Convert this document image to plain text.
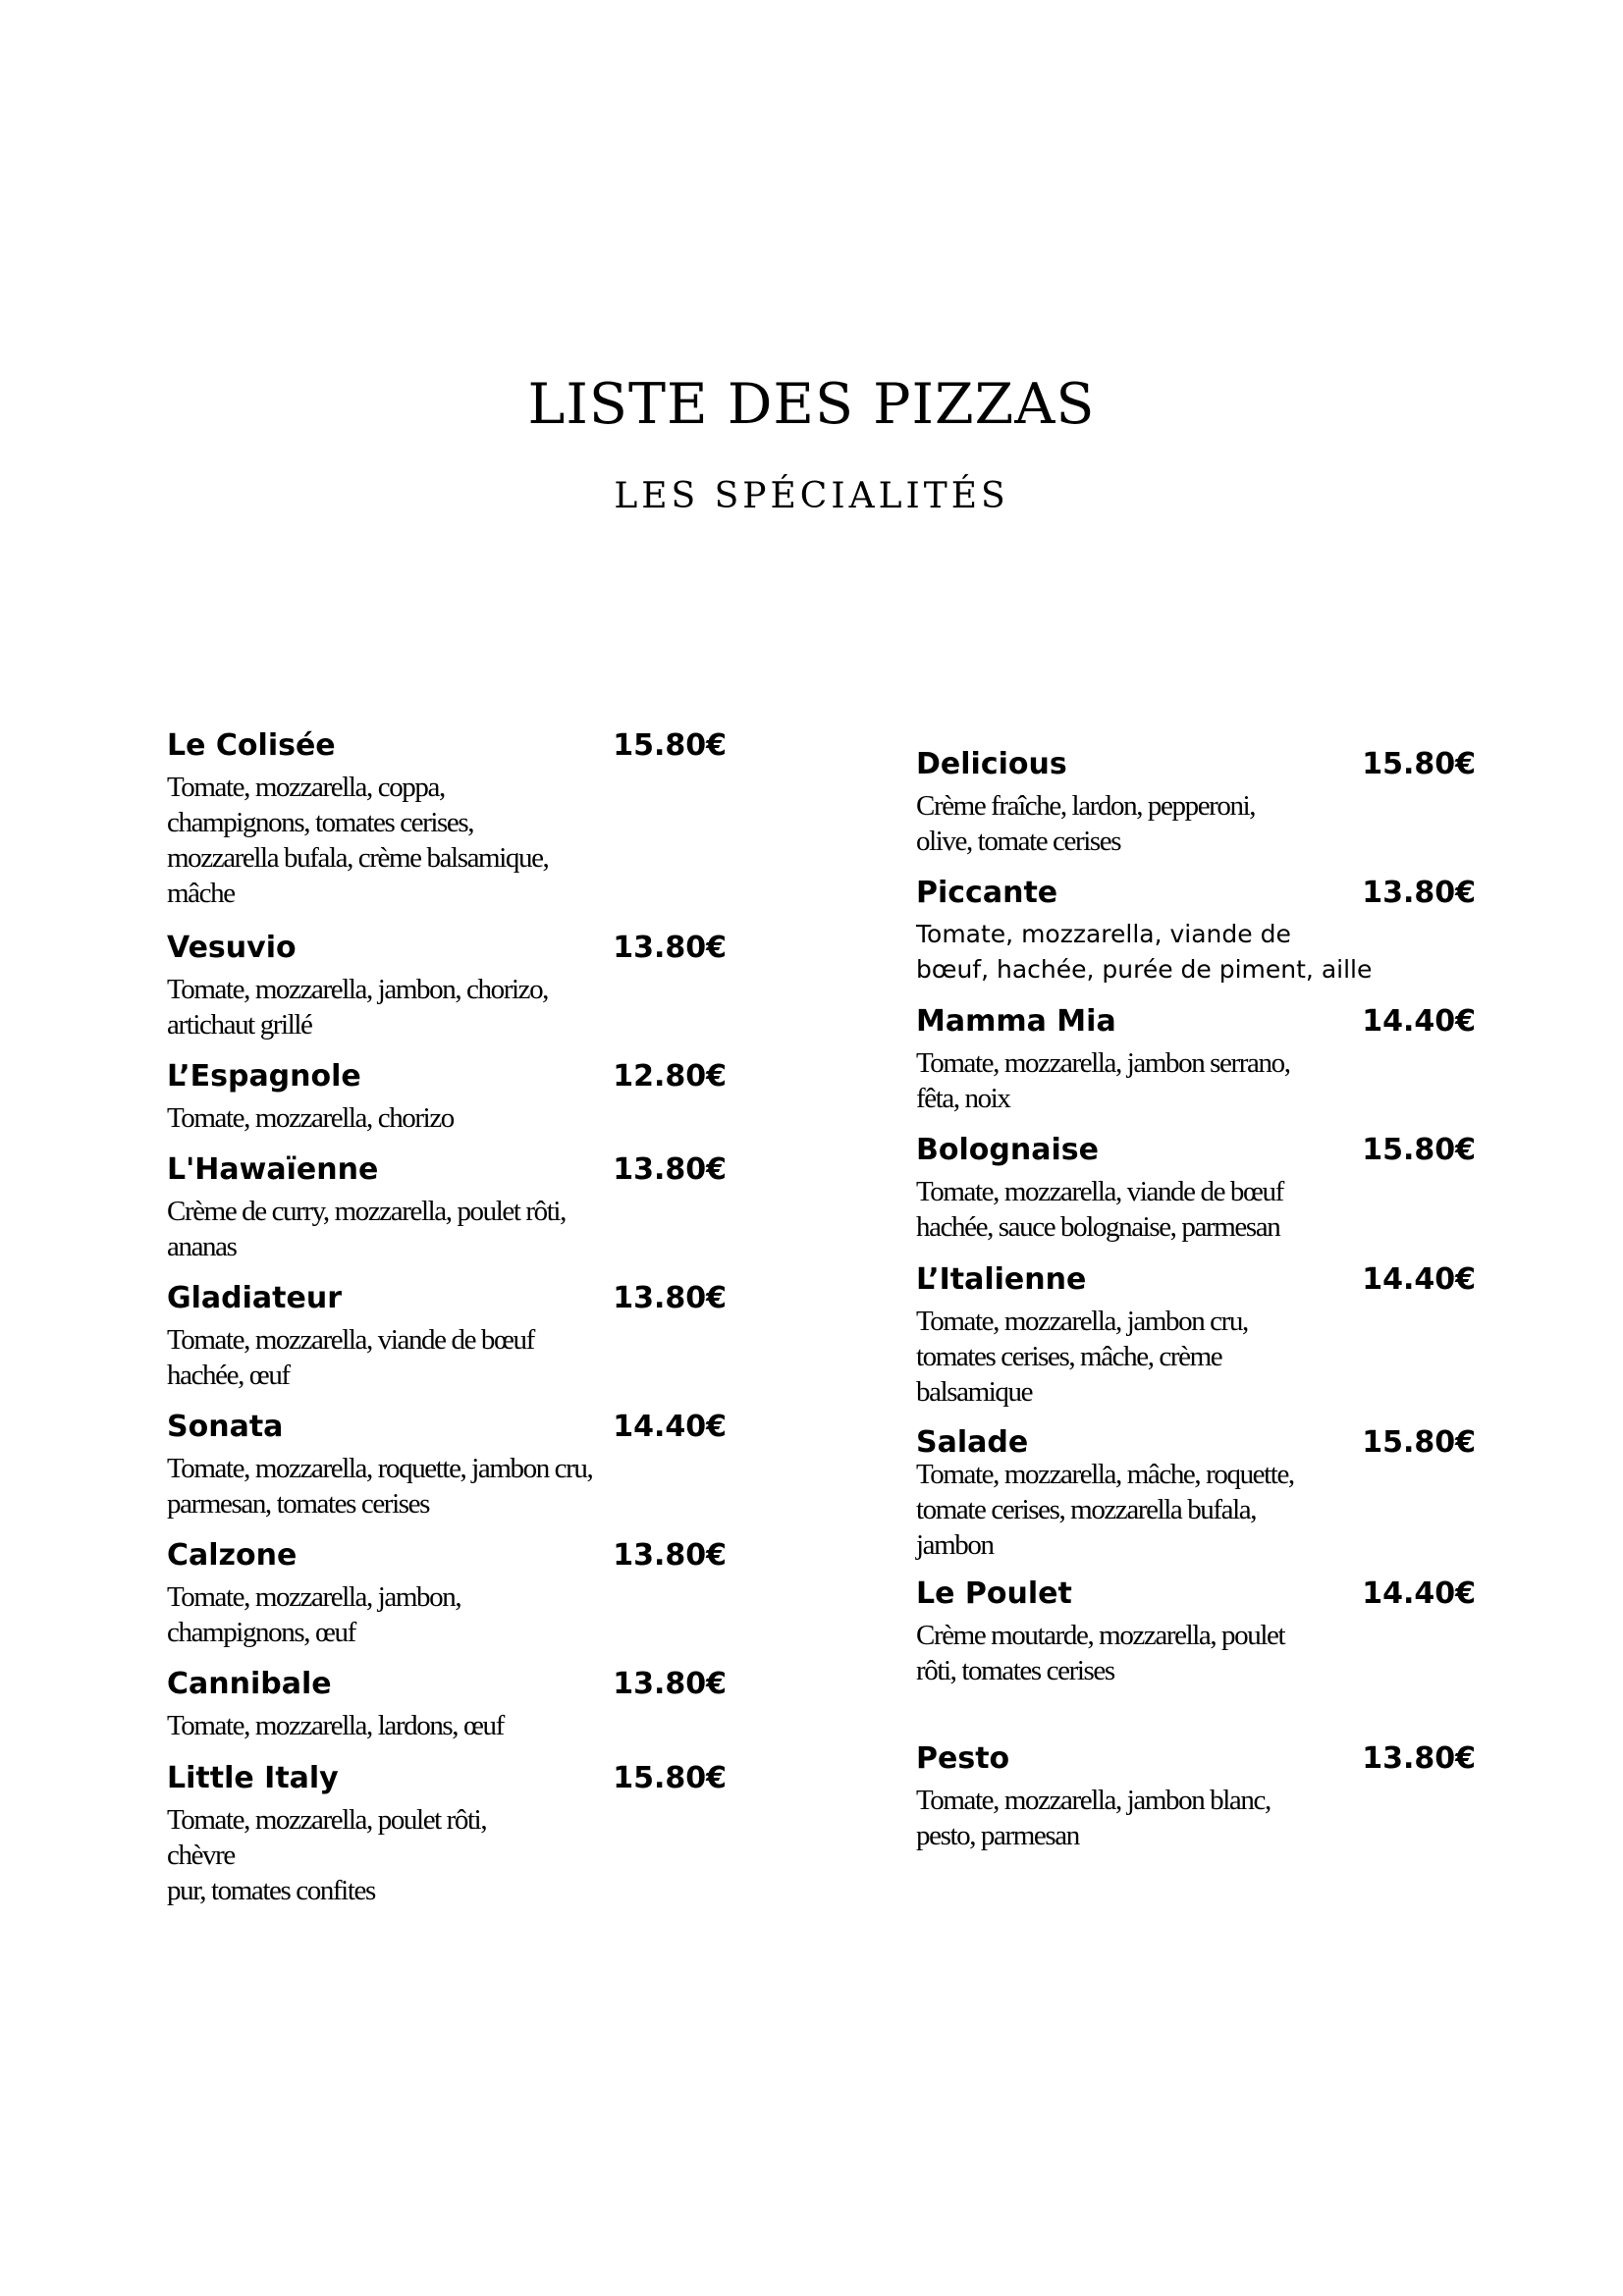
LISTE DES PIZZAS
LES SPÉCIALITÉS
Le Colisée	15.80€
Tomate, mozzarella, coppa,
champignons, tomates cerises,
mozzarella bufala, crème balsamique,
mâche
Vesuvio	13.80€
Tomate, mozzarella, jambon, chorizo,
artichaut grillé
L’Espagnole	12.80€
Tomate, mozzarella, chorizo
L'Hawaïenne	13.80€
Crème de curry, mozzarella, poulet rôti,
ananas
Gladiateur	13.80€
Tomate, mozzarella, viande de bœuf
hachée, œuf
Sonata	14.40€
Tomate, mozzarella, roquette, jambon cru,
parmesan, tomates cerises
Calzone	13.80€
Tomate, mozzarella, jambon,
champignons, œuf
Cannibale	13.80€
Tomate, mozzarella, lardons, œuf
Little Italy	15.80€
Tomate, mozzarella, poulet rôti,
chèvre
pur, tomates confites
Delicious	15.80€
Crème fraîche, lardon, pepperoni,
olive, tomate cerises
Piccante	13.80€
Tomate, mozzarella, viande de
bœuf, hachée, purée de piment, aille
Mamma Mia	14.40€
Tomate, mozzarella, jambon serrano,
fêta, noix
Bolognaise	15.80€
Tomate, mozzarella, viande de bœuf
hachée, sauce bolognaise, parmesan
L’Italienne	14.40€
Tomate, mozzarella, jambon cru,
tomates cerises, mâche, crème
balsamique
Salade	15.80€
Tomate, mozzarella, mâche, roquette,
tomate cerises, mozzarella bufala,
jambon
Le Poulet	14.40€
Crème moutarde, mozzarella, poulet
rôti, tomates cerises
Pesto	13.80€
Tomate, mozzarella, jambon blanc,
pesto, parmesan
